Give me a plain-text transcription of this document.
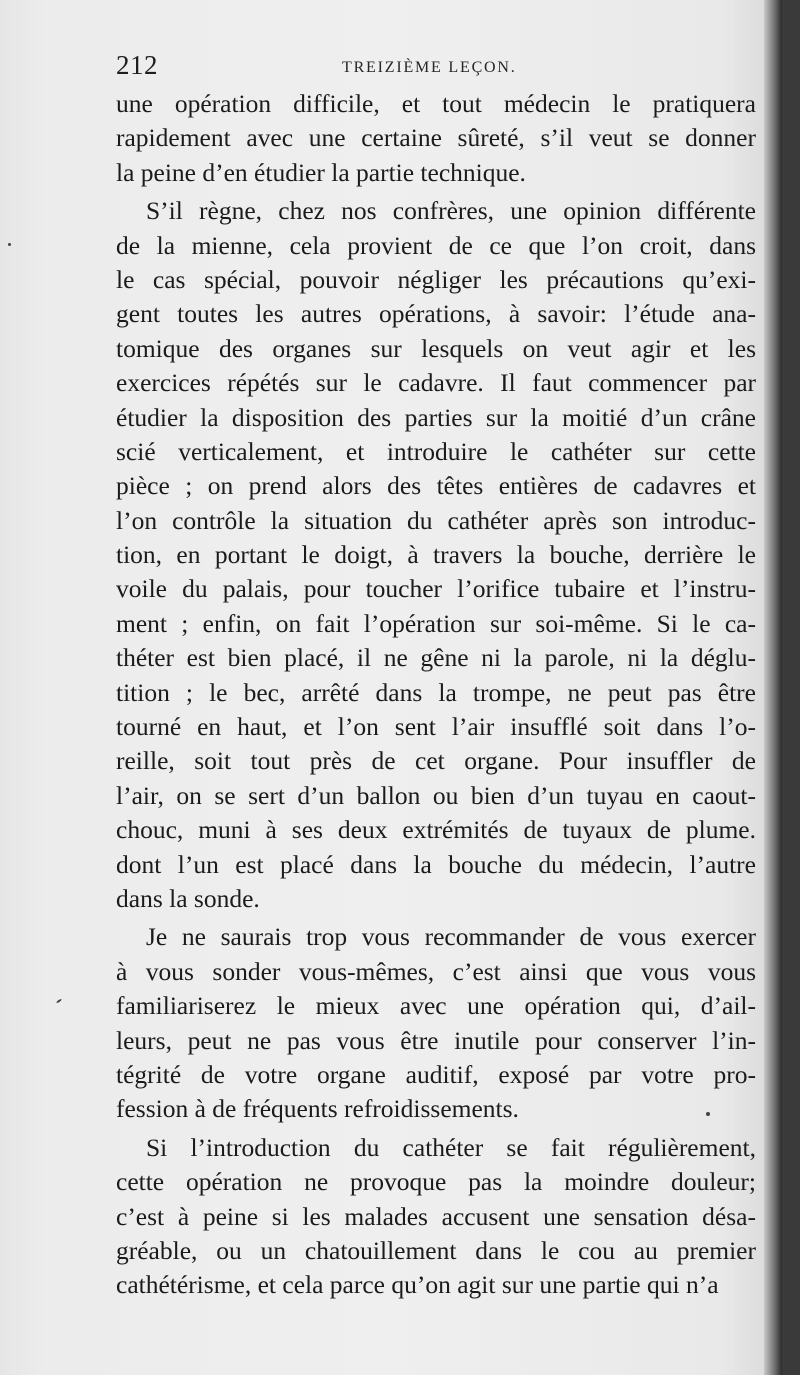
212	TREIZIÈME LEÇON.
une opération difficile, et tout médecin le pratiquera
rapidement avec une certaine sûreté, s’il veut se donner
la peine d’en étudier la partie technique.
S’il règne, chez nos confrères, une opinion différente
de la mienne, cela provient de ce que l’on croit, dans
le cas spécial, pouvoir négliger les précautions qu’exi-
gent toutes les autres opérations, à savoir: l’étude ana-
tomique des organes sur lesquels on veut agir et les
exercices répétés sur le cadavre. Il faut commencer par
étudier la disposition des parties sur la moitié d’un crâne
scié verticalement, et introduire le cathéter sur cette
pièce ; on prend alors des têtes entières de cadavres et
l’on contrôle la situation du cathéter après son introduc-
tion, en portant le doigt, à travers la bouche, derrière le
voile du palais, pour toucher l’orifice tubaire et l’instru-
ment ; enfin, on fait l’opération sur soi-même. Si le ca-
théter est bien placé, il ne gêne ni la parole, ni la déglu-
tition ; le bec, arrêté dans la trompe, ne peut pas être
tourné en haut, et l’on sent l’air insufflé soit dans l’o-
reille, soit tout près de cet organe. Pour insuffler de
l’air, on se sert d’un ballon ou bien d’un tuyau en caout-
chouc, muni à ses deux extrémités de tuyaux de plume.
dont l’un est placé dans la bouche du médecin, l’autre
dans la sonde.
Je ne saurais trop vous recommander de vous exercer
à vous sonder vous-mêmes, c’est ainsi que vous vous
familiariserez le mieux avec une opération qui, d’ail-
leurs, peut ne pas vous être inutile pour conserver l’in-
tégrité de votre organe auditif, exposé par votre pro-
fession à de fréquents refroidissements.
Si l’introduction du cathéter se fait régulièrement,
cette opération ne provoque pas la moindre douleur;
c’est à peine si les malades accusent une sensation désa-
gréable, ou un chatouillement dans le cou au premier
cathétérisme, et cela parce qu’on agit sur une partie qui n’a
